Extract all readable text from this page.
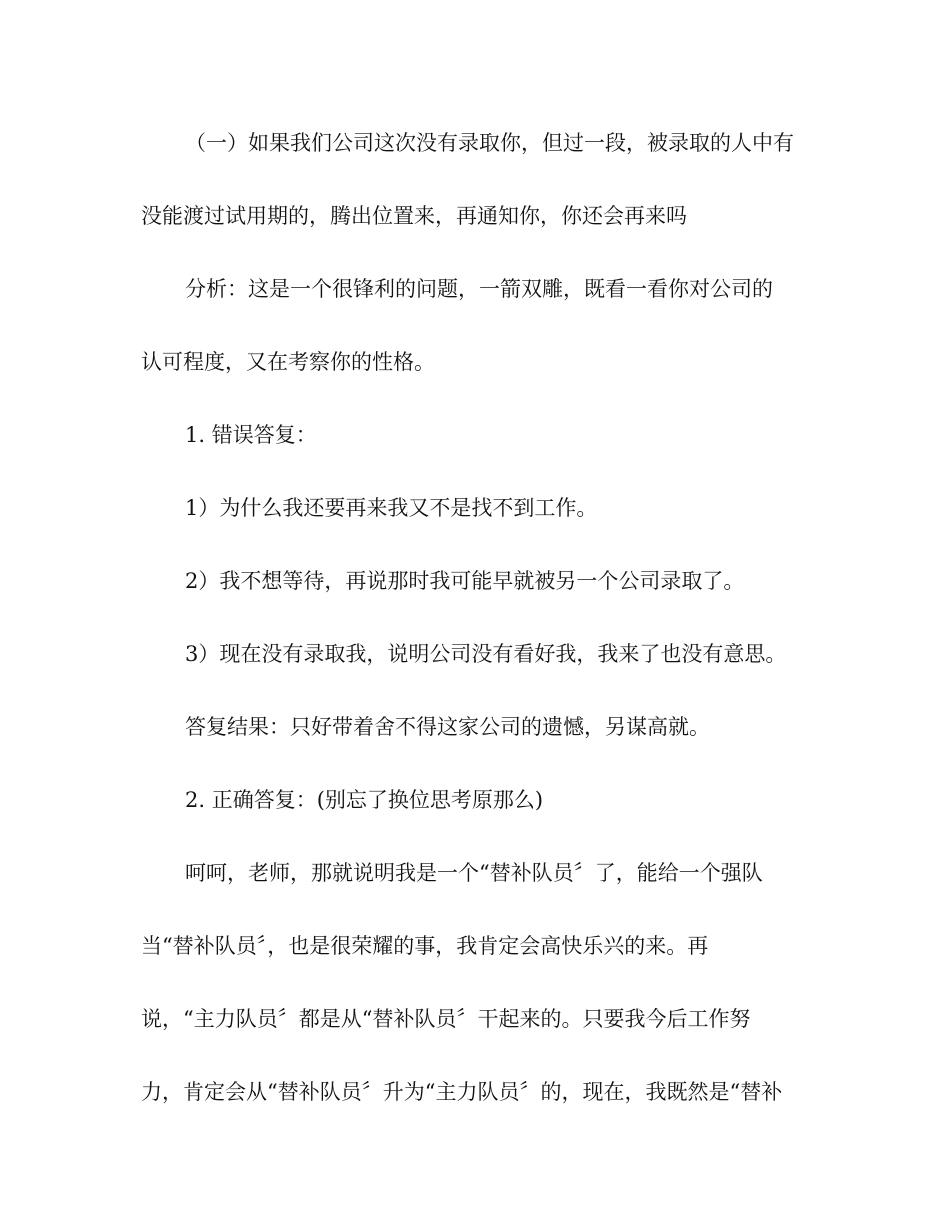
（一）如果我们公司这次没有录取你，但过一段，被录取的人中有
没能渡过试用期的，腾出位置来，再通知你，你还会再来吗
分析：这是一个很锋利的问题，一箭双雕，既看一看你对公司的
认可程度，又在考察你的性格。
1. 错误答复：
1）为什么我还要再来我又不是找不到工作。
2）我不想等待，再说那时我可能早就被另一个公司录取了。
3）现在没有录取我，说明公司没有看好我，我来了也没有意思。
答复结果：只好带着舍不得这家公司的遗憾，另谋高就。
2. 正确答复：(别忘了换位思考原那么)
呵呵，老师，那就说明我是一个“替补队员〞了，能给一个强队
当“替补队员〞，也是很荣耀的事，我肯定会高快乐兴的来。再
说，“主力队员〞都是从“替补队员〞干起来的。只要我今后工作努
力，肯定会从“替补队员〞升为“主力队员〞的，现在，我既然是“替补
